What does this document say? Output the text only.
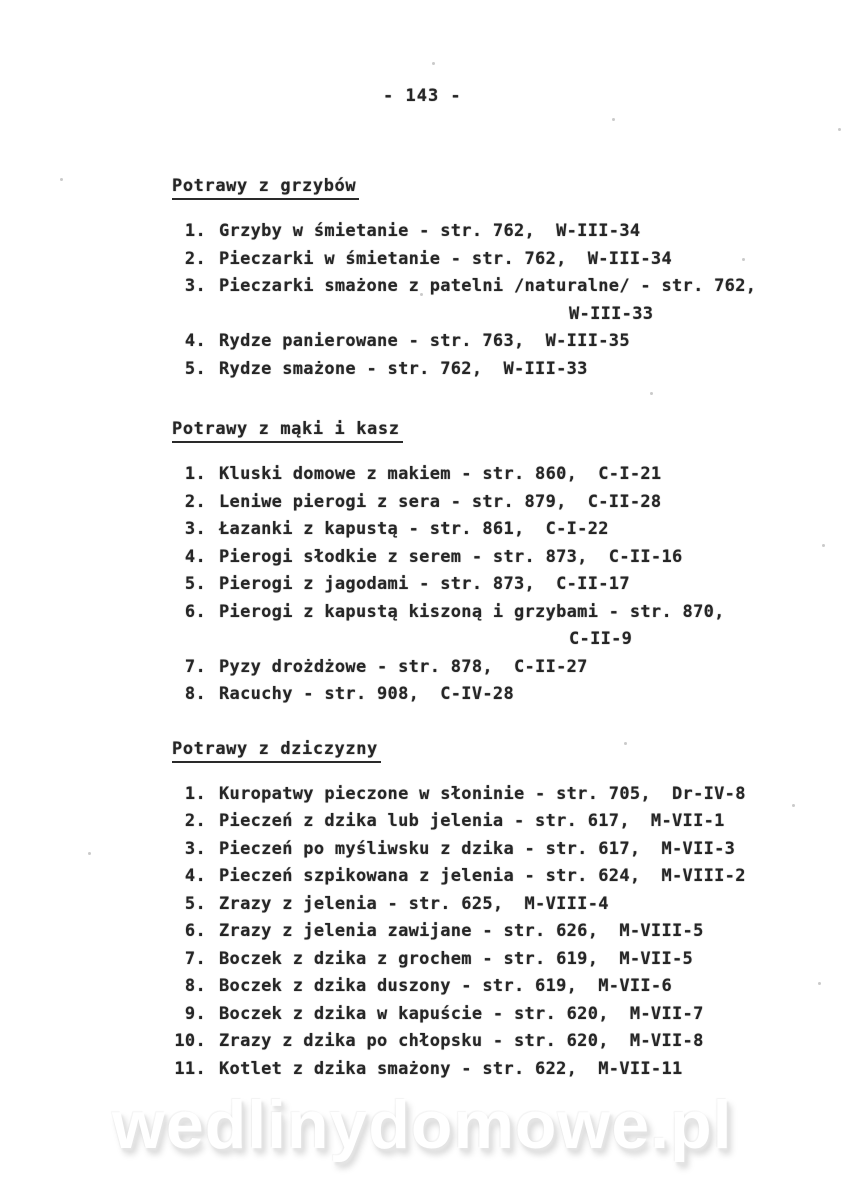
- 143 -
Potrawy z grzybów
1. Grzyby w śmietanie - str. 762,  W-III-34
2. Pieczarki w śmietanie - str. 762,  W-III-34
3. Pieczarki smażone z patelni /naturalne/ - str. 762,
W-III-33
4. Rydze panierowane - str. 763,  W-III-35
5. Rydze smażone - str. 762,  W-III-33
Potrawy z mąki i kasz
1. Kluski domowe z makiem - str. 860,  C-I-21
2. Leniwe pierogi z sera - str. 879,  C-II-28
3. Łazanki z kapustą - str. 861,  C-I-22
4. Pierogi słodkie z serem - str. 873,  C-II-16
5. Pierogi z jagodami - str. 873,  C-II-17
6. Pierogi z kapustą kiszoną i grzybami - str. 870,
C-II-9
7. Pyzy drożdżowe - str. 878,  C-II-27
8. Racuchy - str. 908,  C-IV-28
Potrawy z dziczyzny
1. Kuropatwy pieczone w słoninie - str. 705,  Dr-IV-8
2. Pieczeń z dzika lub jelenia - str. 617,  M-VII-1
3. Pieczeń po myśliwsku z dzika - str. 617,  M-VII-3
4. Pieczeń szpikowana z jelenia - str. 624,  M-VIII-2
5. Zrazy z jelenia - str. 625,  M-VIII-4
6. Zrazy z jelenia zawijane - str. 626,  M-VIII-5
7. Boczek z dzika z grochem - str. 619,  M-VII-5
8. Boczek z dzika duszony - str. 619,  M-VII-6
9. Boczek z dzika w kapuście - str. 620,  M-VII-7
10. Zrazy z dzika po chłopsku - str. 620,  M-VII-8
11. Kotlet z dzika smażony - str. 622,  M-VII-11
wedlinydomowe.pl
